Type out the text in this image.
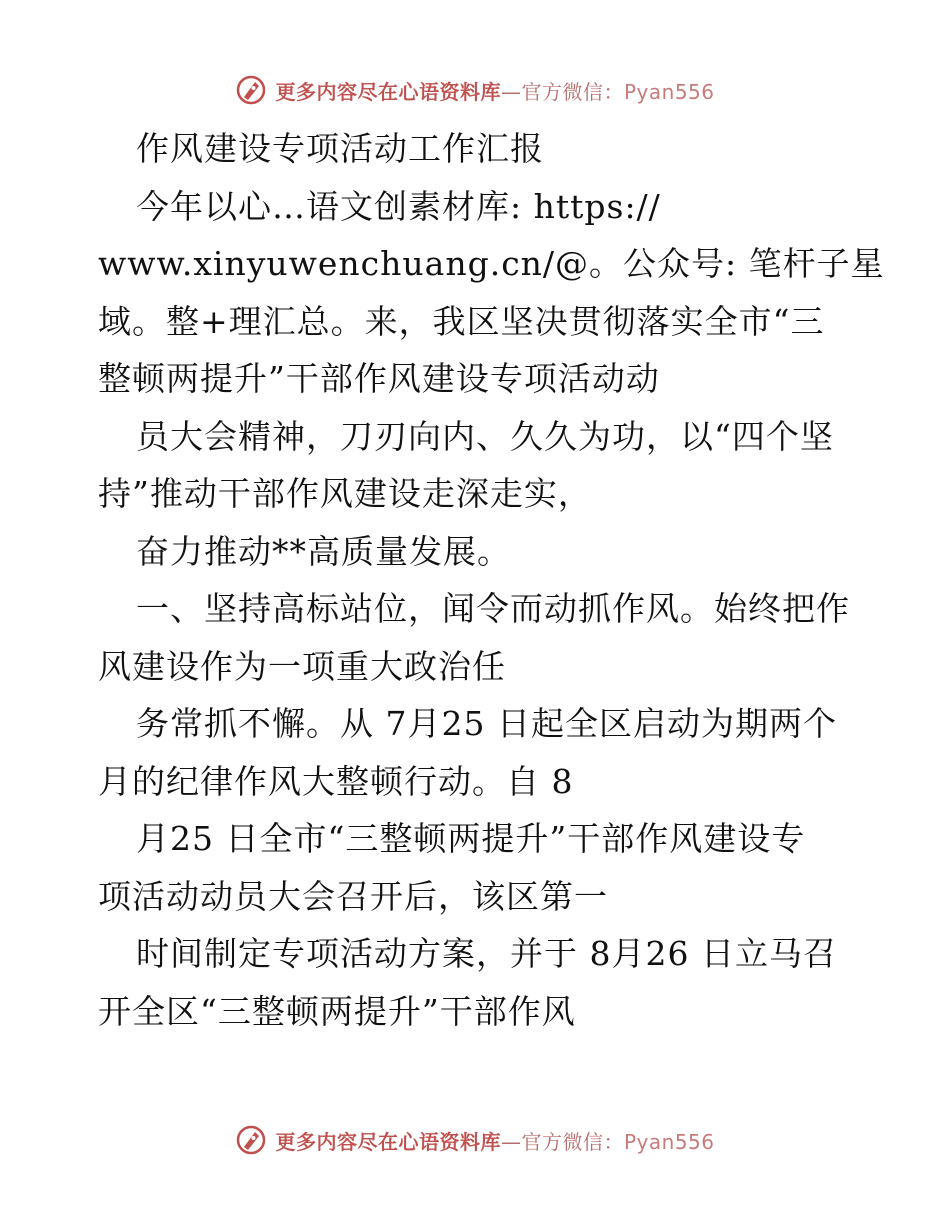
更多内容尽在心语资料库—官方微信：Pyan556
作风建设专项活动工作汇报
今年以心…语文创素材库: https://
www.xinyuwenchuang.cn/@。公众号: 笔杆子星
域。整+理汇总。来，我区坚决贯彻落实全市“三
整顿两提升”干部作风建设专项活动动
员大会精神，刀刃向内、久久为功，以“四个坚
持”推动干部作风建设走深走实，
奋力推动**高质量发展。
一、坚持高标站位，闻令而动抓作风。始终把作
风建设作为一项重大政治任
务常抓不懈。从 7月25 日起全区启动为期两个
月的纪律作风大整顿行动。自 8
月25 日全市“三整顿两提升”干部作风建设专
项活动动员大会召开后，该区第一
时间制定专项活动方案，并于 8月26 日立马召
开全区“三整顿两提升”干部作风
更多内容尽在心语资料库—官方微信：Pyan556
